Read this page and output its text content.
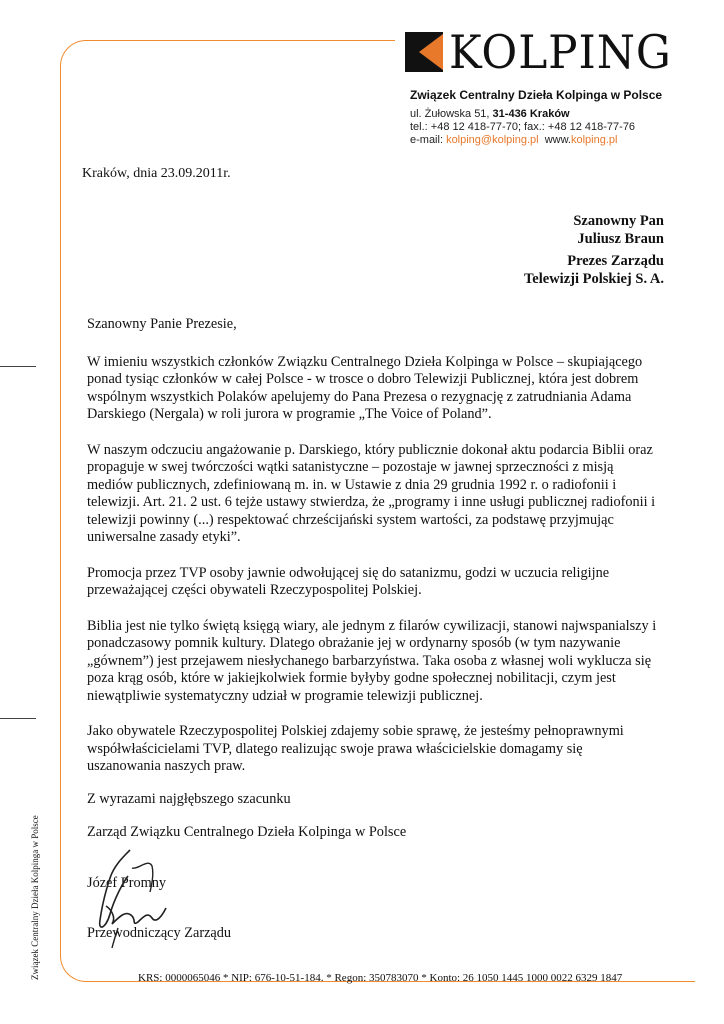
KOLPING
Związek Centralny Dzieła Kolpinga w Polsce
ul. Żułowska 51, 31-436 Kraków
tel.: +48 12 418-77-70; fax.: +48 12 418-77-76
e-mail: kolping@kolping.pl www.kolping.pl
Kraków, dnia 23.09.2011r.
Szanowny Pan
Juliusz Braun
Prezes Zarządu
Telewizji Polskiej S. A.

Szanowny Panie Prezesie,

W imieniu wszystkich członków Związku Centralnego Dzieła Kolpinga w Polsce – skupiającego ponad tysiąc członków w całej Polsce - w trosce o dobro Telewizji Publicznej, która jest dobrem wspólnym wszystkich Polaków apelujemy do Pana Prezesa o rezygnację z zatrudniania Adama Darskiego (Nergala) w roli jurora w programie „The Voice of Poland”.

W naszym odczuciu angażowanie p. Darskiego, który publicznie dokonał aktu podarcia Biblii oraz propaguje w swej twórczości wątki satanistyczne – pozostaje w jawnej sprzeczności z misją mediów publicznych, zdefiniowaną m. in. w Ustawie z dnia 29 grudnia 1992 r. o radiofonii i telewizji. Art. 21. 2 ust. 6 tejże ustawy stwierdza, że „programy i inne usługi publicznej radiofonii i telewizji powinny (...) respektować chrześcijański system wartości, za podstawę przyjmując uniwersalne zasady etyki”.

Promocja przez TVP osoby jawnie odwołującej się do satanizmu, godzi w uczucia religijne przeważającej części obywateli Rzeczypospolitej Polskiej.

Biblia jest nie tylko świętą księgą wiary, ale jednym z filarów cywilizacji, stanowi najwspanialszy i ponadczasowy pomnik kultury. Dlatego obrażanie jej w ordynarny sposób (w tym nazywanie „gównem”) jest przejawem niesłychanego barbarzyństwa. Taka osoba z własnej woli wyklucza się poza krąg osób, które w jakiejkolwiek formie byłyby godne społecznej nobilitacji, czym jest niewątpliwie systematyczny udział w programie telewizji publicznej.

Jako obywatele Rzeczypospolitej Polskiej zdajemy sobie sprawę, że jesteśmy pełnoprawnymi współwłaścicielami TVP, dlatego realizując swoje prawa właścicielskie domagamy się uszanowania naszych praw.

Z wyrazami najgłębszego szacunku
Zarząd Związku Centralnego Dzieła Kolpinga w Polsce
Józef Promny
Przewodniczący Zarządu
Związek Centralny Dzieła Kolpinga w Polsce	KRS: 0000065046 * NIP: 676-10-51-184. * Regon: 350783070 * Konto: 26 1050 1445 1000 0022 6329 1847
